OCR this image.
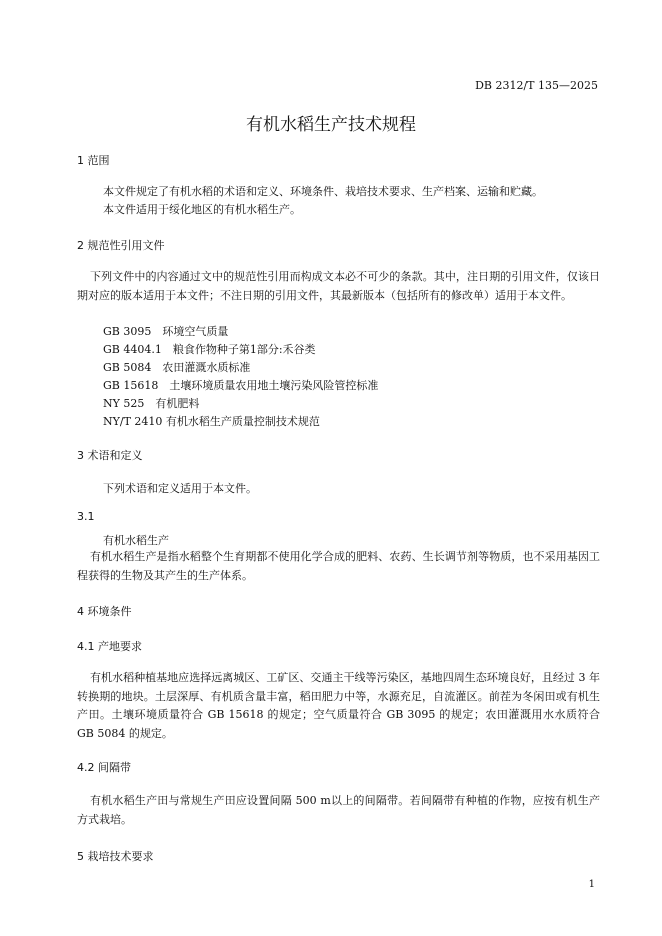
DB 2312/T 135—2025
有机水稻生产技术规程
1 范围
本文件规定了有机水稻的术语和定义、环境条件、栽培技术要求、生产档案、运输和贮藏。
本文件适用于绥化地区的有机水稻生产。
2 规范性引用文件
下列文件中的内容通过文中的规范性引用而构成文本必不可少的条款。其中，注日期的引用文件，仅该日期对应的版本适用于本文件；不注日期的引用文件，其最新版本（包括所有的修改单）适用于本文件。
GB 3095　环境空气质量
GB 4404.1　粮食作物种子第1部分:禾谷类
GB 5084　农田灌溉水质标准
GB 15618　土壤环境质量农用地土壤污染风险管控标准
NY 525　有机肥料
NY/T 2410 有机水稻生产质量控制技术规范
3 术语和定义
下列术语和定义适用于本文件。
3.1
有机水稻生产
有机水稻生产是指水稻整个生育期都不使用化学合成的肥料、农药、生长调节剂等物质，也不采用基因工程获得的生物及其产生的生产体系。
4 环境条件
4.1 产地要求
有机水稻种植基地应选择远离城区、工矿区、交通主干线等污染区，基地四周生态环境良好，且经过 3 年转换期的地块。土层深厚、有机质含量丰富，稻田肥力中等，水源充足，自流灌区。前茬为冬闲田或有机生产田。土壤环境质量符合 GB 15618 的规定；空气质量符合 GB 3095 的规定；农田灌溉用水水质符合 GB 5084 的规定。
4.2 间隔带
有机水稻生产田与常规生产田应设置间隔 500 m以上的间隔带。若间隔带有种植的作物，应按有机生产方式栽培。
5 栽培技术要求
1
